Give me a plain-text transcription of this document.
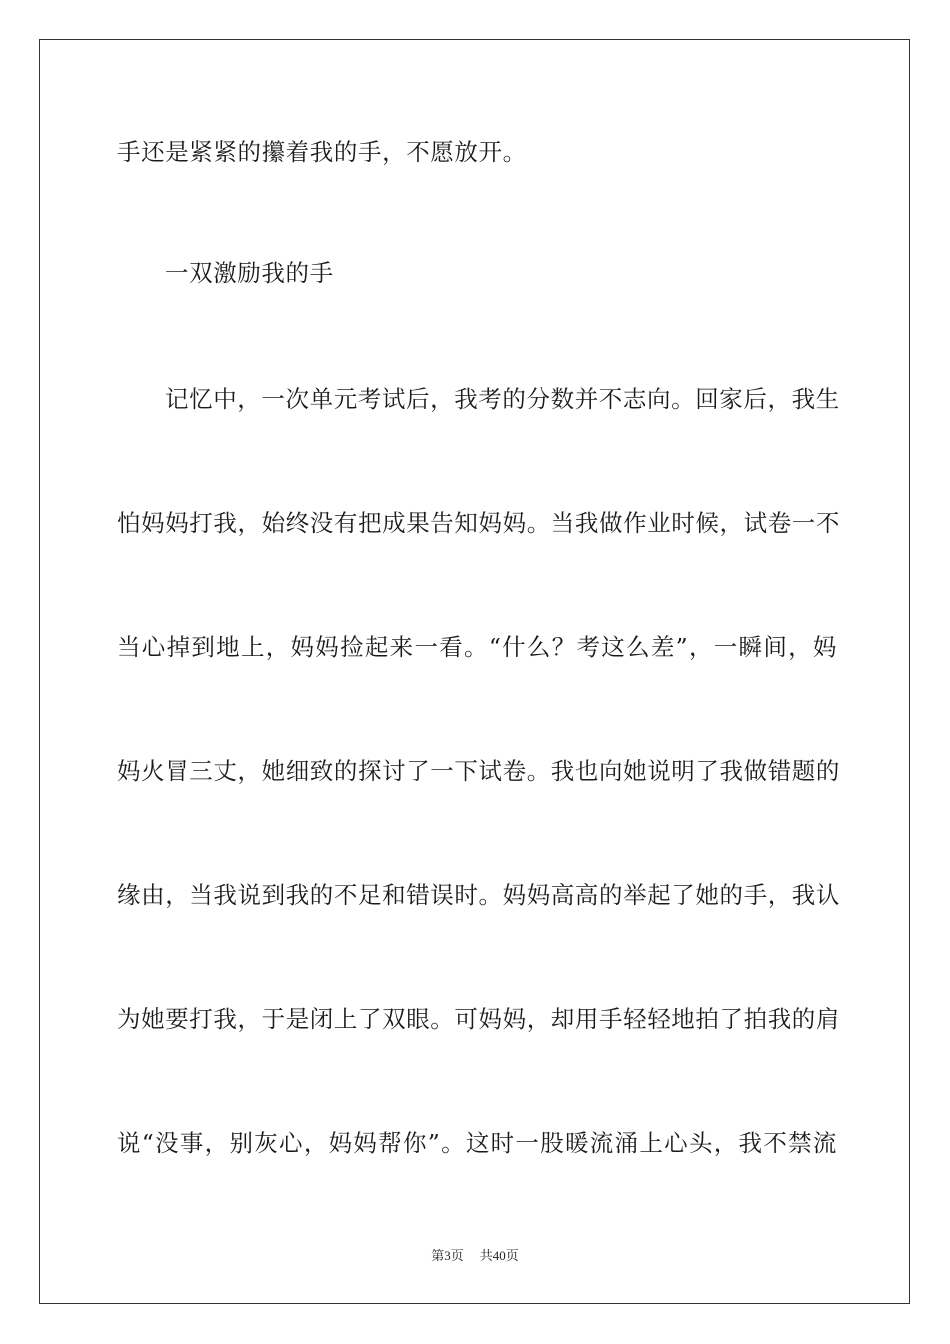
手还是紧紧的攥着我的手，不愿放开。
一双激励我的手
记忆中，一次单元考试后，我考的分数并不志向。回家后，我生
怕妈妈打我，始终没有把成果告知妈妈。当我做作业时候，试卷一不
当心掉到地上，妈妈捡起来一看。“什么？考这么差”，一瞬间，妈
妈火冒三丈，她细致的探讨了一下试卷。我也向她说明了我做错题的
缘由，当我说到我的不足和错误时。妈妈高高的举起了她的手，我认
为她要打我，于是闭上了双眼。可妈妈，却用手轻轻地拍了拍我的肩
说“没事，别灰心，妈妈帮你”。这时一股暖流涌上心头，我不禁流
第3页 共40页
